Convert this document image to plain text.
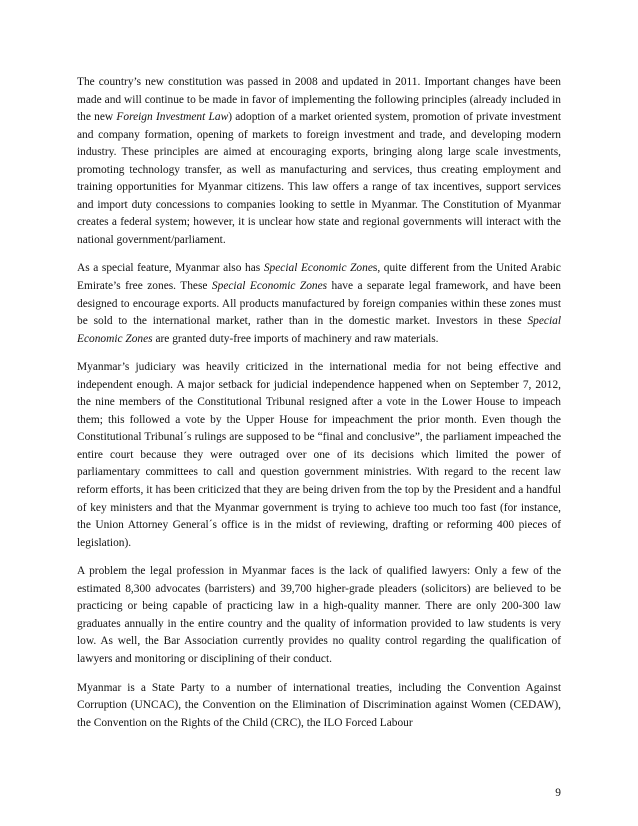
The country’s new constitution was passed in 2008 and updated in 2011. Important changes have been made and will continue to be made in favor of implementing the following principles (already included in the new Foreign Investment Law) adoption of a market oriented system, promotion of private investment and company formation, opening of markets to foreign investment and trade, and developing modern industry. These principles are aimed at encouraging exports, bringing along large scale investments, promoting technology transfer, as well as manufacturing and services, thus creating employment and training opportunities for Myanmar citizens. This law offers a range of tax incentives, support services and import duty concessions to companies looking to settle in Myanmar. The Constitution of Myanmar creates a federal system; however, it is unclear how state and regional governments will interact with the national government/parliament.

As a special feature, Myanmar also has Special Economic Zones, quite different from the United Arabic Emirate’s free zones. These Special Economic Zones have a separate legal framework, and have been designed to encourage exports. All products manufactured by foreign companies within these zones must be sold to the international market, rather than in the domestic market. Investors in these Special Economic Zones are granted duty-free imports of machinery and raw materials.

Myanmar’s judiciary was heavily criticized in the international media for not being effective and independent enough. A major setback for judicial independence happened when on September 7, 2012, the nine members of the Constitutional Tribunal resigned after a vote in the Lower House to impeach them; this followed a vote by the Upper House for impeachment the prior month. Even though the Constitutional Tribunal´s rulings are supposed to be “final and conclusive”, the parliament impeached the entire court because they were outraged over one of its decisions which limited the power of parliamentary committees to call and question government ministries. With regard to the recent law reform efforts, it has been criticized that they are being driven from the top by the President and a handful of key ministers and that the Myanmar government is trying to achieve too much too fast (for instance, the Union Attorney General´s office is in the midst of reviewing, drafting or reforming 400 pieces of legislation).

A problem the legal profession in Myanmar faces is the lack of qualified lawyers: Only a few of the estimated 8,300 advocates (barristers) and 39,700 higher-grade pleaders (solicitors) are believed to be practicing or being capable of practicing law in a high-quality manner. There are only 200-300 law graduates annually in the entire country and the quality of information provided to law students is very low. As well, the Bar Association currently provides no quality control regarding the qualification of lawyers and monitoring or disciplining of their conduct.

Myanmar is a State Party to a number of international treaties, including the Convention Against Corruption (UNCAC), the Convention on the Elimination of Discrimination against Women (CEDAW), the Convention on the Rights of the Child (CRC), the ILO Forced Labour

9
